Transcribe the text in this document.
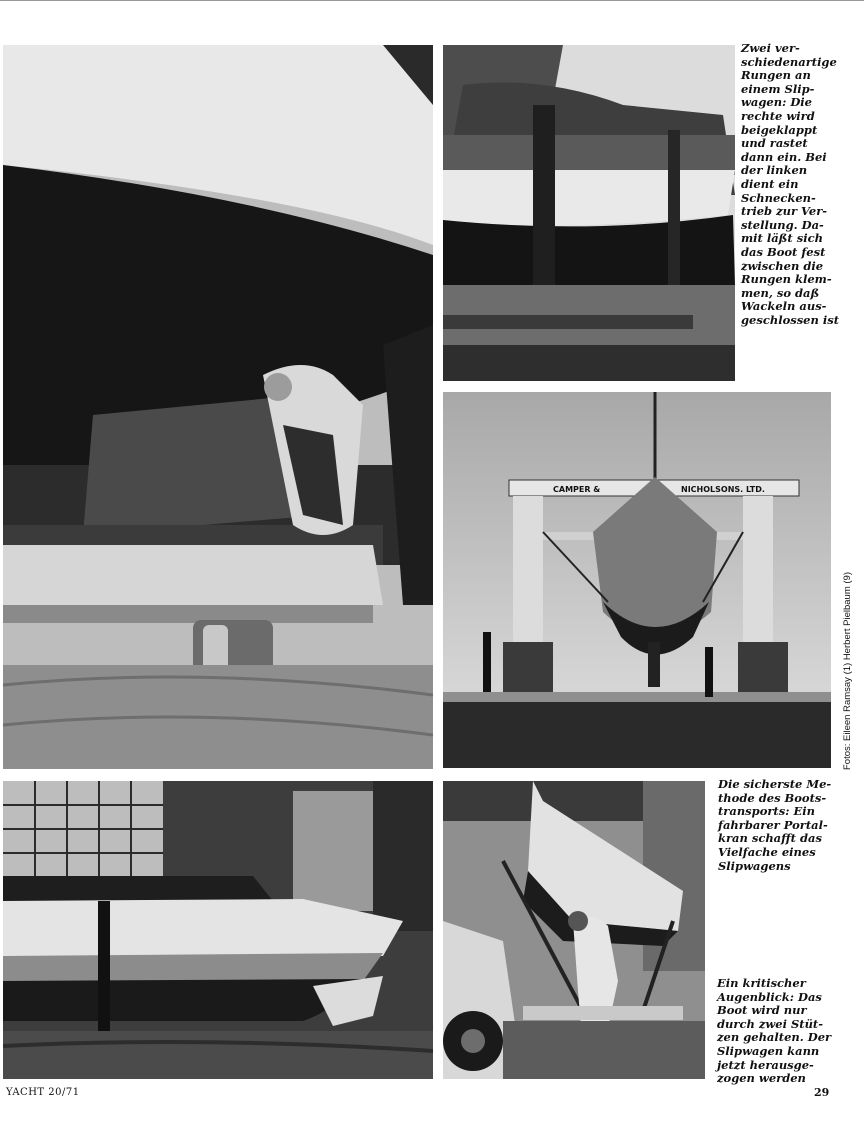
Zwei ver-
schiedenartige
Rungen an
einem Slip-
wagen: Die
rechte wird
beigeklappt
und rastet
dann ein. Bei
der linken
dient ein
Schnecken-
trieb zur Ver-
stellung. Da-
mit läßt sich
das Boot fest
zwischen die
Rungen klem-
men, so daß
Wackeln aus-
geschlossen ist
CAMPER &	NICHOLSONS. LTD.
Fotos: Eileen Ramsay (1) Herbert Pielbaum (9)
Die sicherste Me-
thode des Boots-
transports: Ein
fahrbarer Portal-
kran schafft das
Vielfache eines
Slipwagens
Ein kritischer
Augenblick: Das
Boot wird nur
durch zwei Stüt-
zen gehalten. Der
Slipwagen kann
jetzt herausge-
zogen werden
YACHT 20/71	29
